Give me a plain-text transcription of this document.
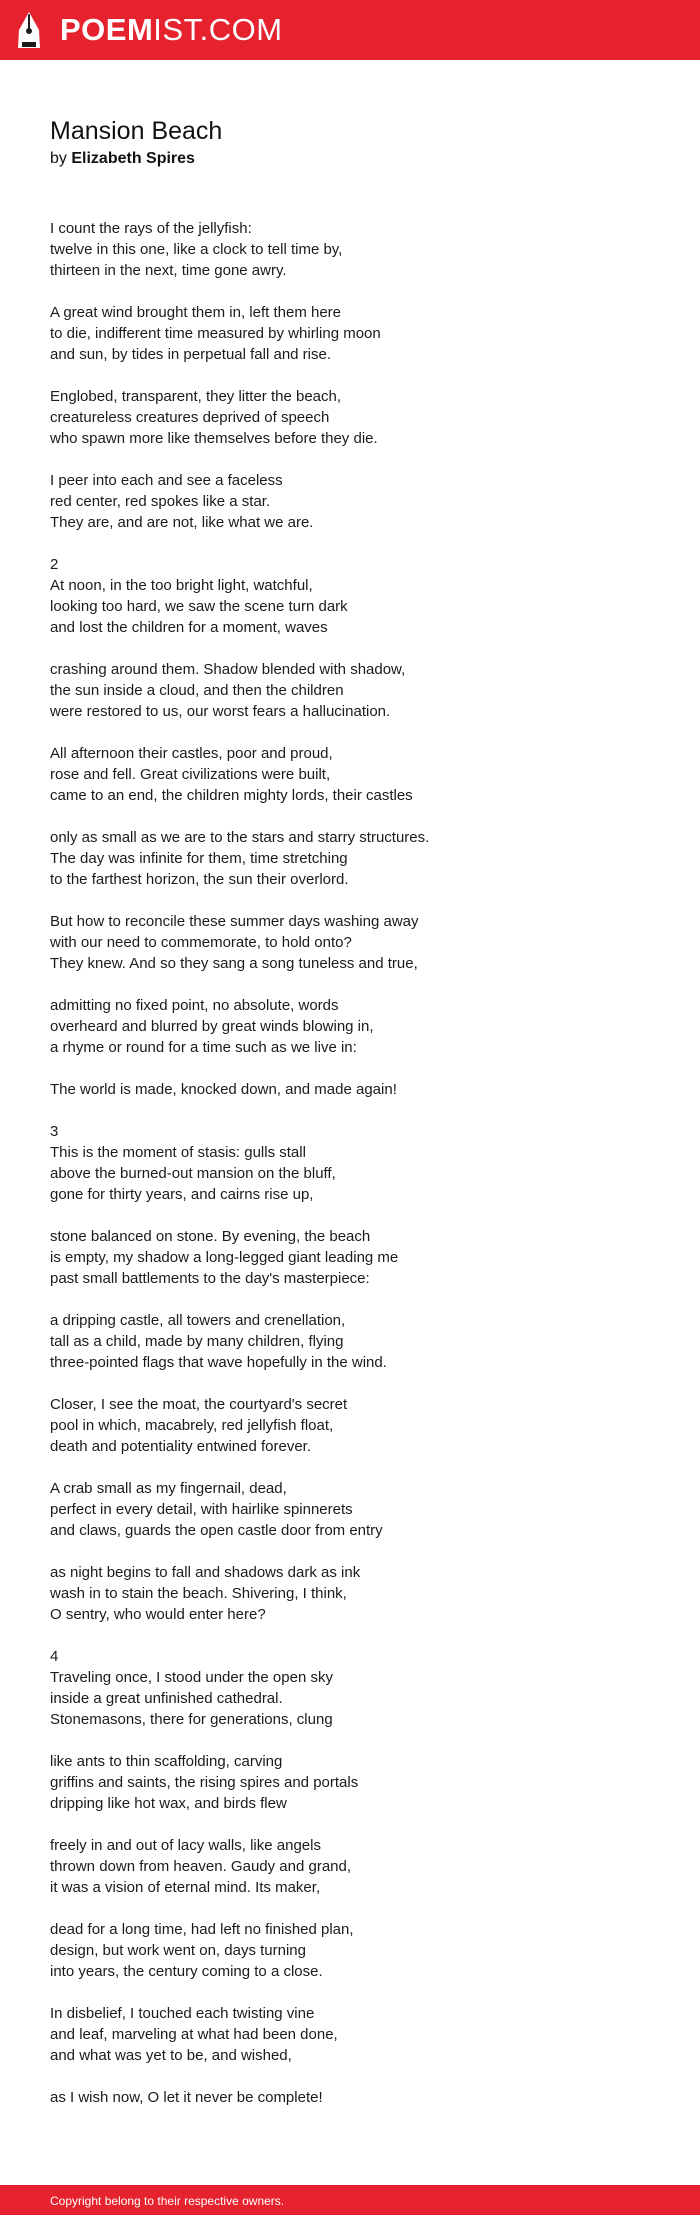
POEMIST.COM
Mansion Beach
by Elizabeth Spires
I count the rays of the jellyfish:
twelve in this one, like a clock to tell time by,
thirteen in the next, time gone awry.
A great wind brought them in, left them here
to die, indifferent time measured by whirling moon
and sun, by tides in perpetual fall and rise.
Englobed, transparent, they litter the beach,
creatureless creatures deprived of speech
who spawn more like themselves before they die.
I peer into each and see a faceless
red center, red spokes like a star.
They are, and are not, like what we are.
2
At noon, in the too bright light, watchful,
looking too hard, we saw the scene turn dark
and lost the children for a moment, waves
crashing around them. Shadow blended with shadow,
the sun inside a cloud, and then the children
were restored to us, our worst fears a hallucination.
All afternoon their castles, poor and proud,
rose and fell. Great civilizations were built,
came to an end, the children mighty lords, their castles
only as small as we are to the stars and starry structures.
The day was infinite for them, time stretching
to the farthest horizon, the sun their overlord.
But how to reconcile these summer days washing away
with our need to commemorate, to hold onto?
They knew. And so they sang a song tuneless and true,
admitting no fixed point, no absolute, words
overheard and blurred by great winds blowing in,
a rhyme or round for a time such as we live in:
The world is made, knocked down, and made again!
3
This is the moment of stasis: gulls stall
above the burned-out mansion on the bluff,
gone for thirty years, and cairns rise up,
stone balanced on stone. By evening, the beach
is empty, my shadow a long-legged giant leading me
past small battlements to the day's masterpiece:
a dripping castle, all towers and crenellation,
tall as a child, made by many children, flying
three-pointed flags that wave hopefully in the wind.
Closer, I see the moat, the courtyard's secret
pool in which, macabrely, red jellyfish float,
death and potentiality entwined forever.
A crab small as my fingernail, dead,
perfect in every detail, with hairlike spinnerets
and claws, guards the open castle door from entry
as night begins to fall and shadows dark as ink
wash in to stain the beach. Shivering, I think,
O sentry, who would enter here?
4
Traveling once, I stood under the open sky
inside a great unfinished cathedral.
Stonemasons, there for generations, clung
like ants to thin scaffolding, carving
griffins and saints, the rising spires and portals
dripping like hot wax, and birds flew
freely in and out of lacy walls, like angels
thrown down from heaven. Gaudy and grand,
it was a vision of eternal mind. Its maker,
dead for a long time, had left no finished plan,
design, but work went on, days turning
into years, the century coming to a close.
In disbelief, I touched each twisting vine
and leaf, marveling at what had been done,
and what was yet to be, and wished,
as I wish now, O let it never be complete!
Copyright belong to their respective owners.
